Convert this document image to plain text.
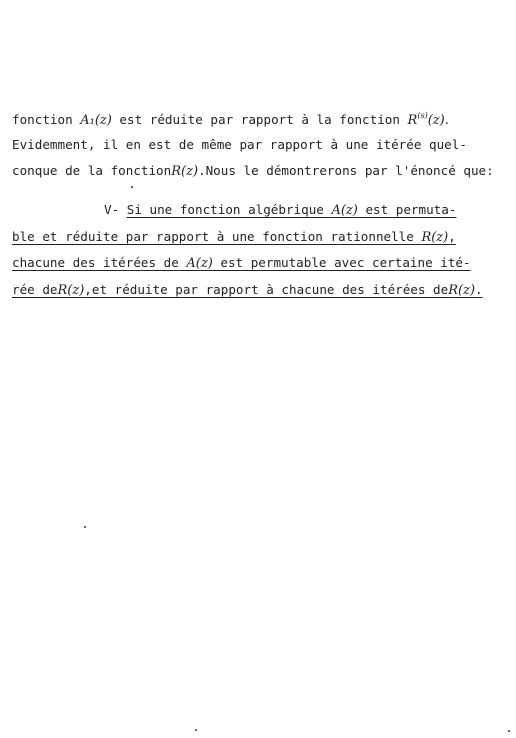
fonction A₁(z) est réduite par rapport à la fonction $R^{(s)}(z)$.
Evidemment, il en est de même par rapport à une itérée quel-
conque de la fonctionR(z).Nous le démontrerons par l'énoncé que:
V- Si une fonction algébrique A(z) est permuta-
ble et réduite par rapport à une fonction rationnelle R(z),
chacune des itérées de A(z) est permutable avec certaine ité-
rée deR(z),et réduite par rapport à chacune des itérées deR(z).
